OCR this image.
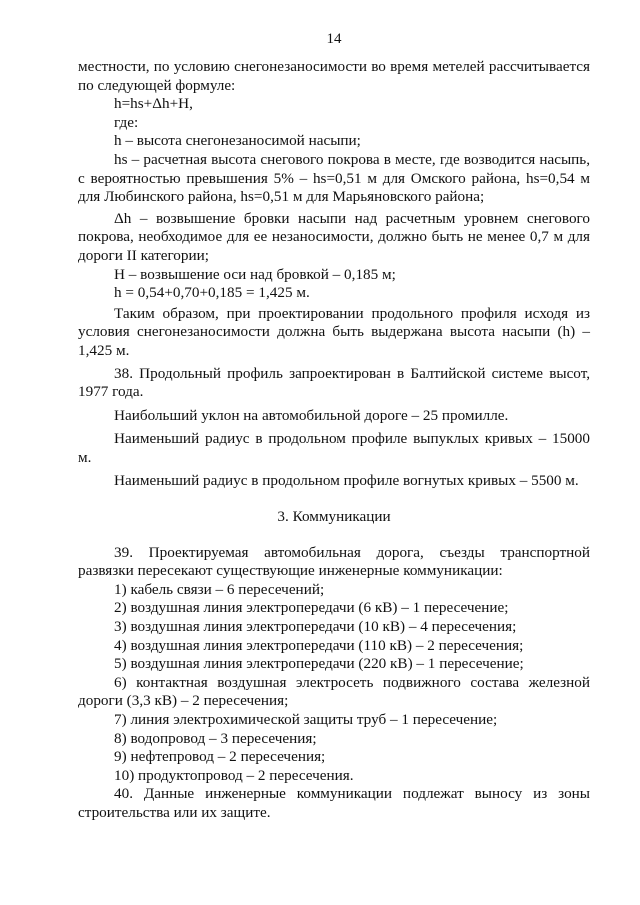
14

местности, по условию снегонезаносимости во время метелей рассчитывается по следующей формуле:

h=hs+Δh+H,

где:

h – высота снегонезаносимой насыпи;

hs – расчетная высота снегового покрова в месте, где возводится насыпь, с вероятностью превышения 5% – hs=0,51 м для Омского района, hs=0,54 м для Любинского района, hs=0,51 м для Марьяновского района;

Δh – возвышение бровки насыпи над расчетным уровнем снегового покрова, необходимое для ее незаносимости, должно быть не менее 0,7 м для дороги II категории;

H – возвышение оси над бровкой – 0,185 м;

h = 0,54+0,70+0,185 = 1,425 м.

Таким образом, при проектировании продольного профиля исходя из условия снегонезаносимости должна быть выдержана высота насыпи (h) – 1,425 м.

38. Продольный профиль запроектирован в Балтийской системе высот, 1977 года.

Наибольший уклон на автомобильной дороге – 25 промилле.

Наименьший радиус в продольном профиле выпуклых кривых – 15000 м.

Наименьший радиус в продольном профиле вогнутых кривых – 5500 м.

3. Коммуникации

39. Проектируемая автомобильная дорога, съезды транспортной развязки пересекают существующие инженерные коммуникации:

1) кабель связи – 6 пересечений;

2) воздушная линия электропередачи (6 кВ) – 1 пересечение;

3) воздушная линия электропередачи (10 кВ) – 4 пересечения;

4) воздушная линия электропередачи (110 кВ) – 2 пересечения;

5) воздушная линия электропередачи (220 кВ) – 1 пересечение;

6) контактная воздушная электросеть подвижного состава железной дороги (3,3 кВ) – 2 пересечения;

7) линия электрохимической защиты труб – 1 пересечение;

8) водопровод – 3 пересечения;

9) нефтепровод – 2 пересечения;

10) продуктопровод – 2 пересечения.

40. Данные инженерные коммуникации подлежат выносу из зоны строительства или их защите.
